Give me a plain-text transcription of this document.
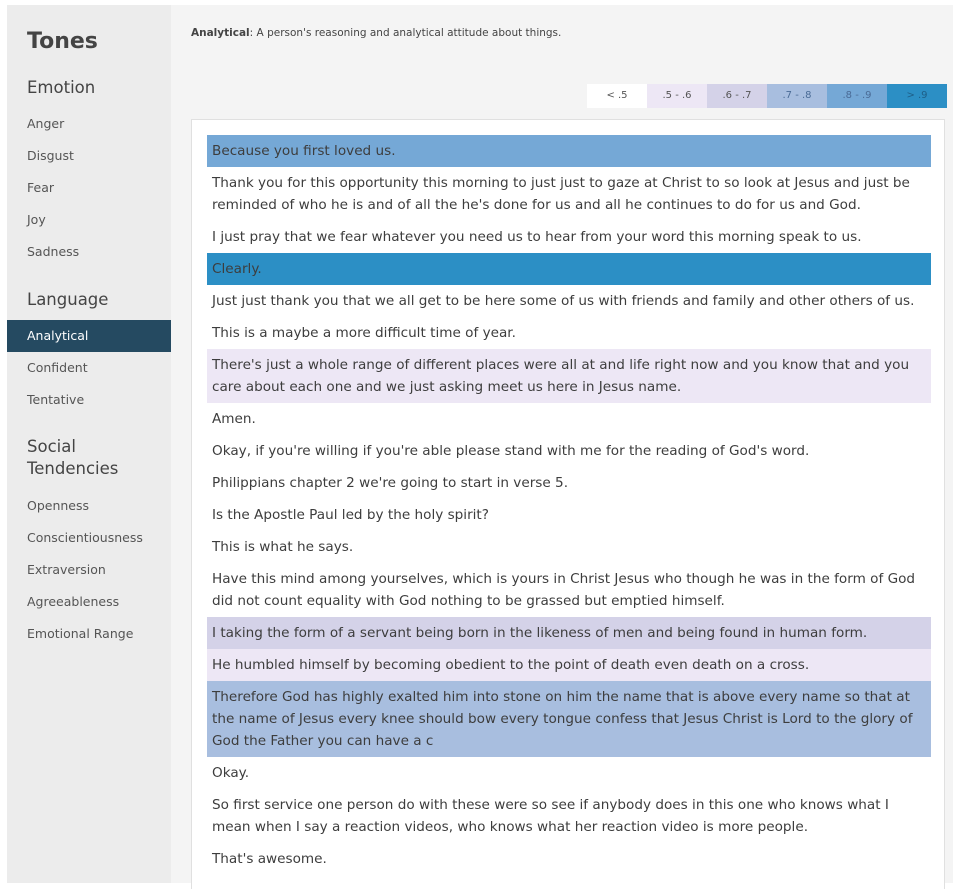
Tones
Emotion
Anger
Disgust
Fear
Joy
Sadness
Language
Analytical
Confident
Tentative
Social
Tendencies
Openness
Conscientiousness
Extraversion
Agreeableness
Emotional Range
Analytical: A person's reasoning and analytical attitude about things.
< .5	.5 - .6	.6 - .7	.7 - .8	.8 - .9	> .9
Because you first loved us.
Thank you for this opportunity this morning to just just to gaze at Christ to so look at Jesus and just be reminded of who he is and of all the he's done for us and all he continues to do for us and God.
I just pray that we fear whatever you need us to hear from your word this morning speak to us.
Clearly.
Just just thank you that we all get to be here some of us with friends and family and other others of us.
This is a maybe a more difficult time of year.
There's just a whole range of different places were all at and life right now and you know that and you care about each one and we just asking meet us here in Jesus name.
Amen.
Okay, if you're willing if you're able please stand with me for the reading of God's word.
Philippians chapter 2 we're going to start in verse 5.
Is the Apostle Paul led by the holy spirit?
This is what he says.
Have this mind among yourselves, which is yours in Christ Jesus who though he was in the form of God did not count equality with God nothing to be grassed but emptied himself.
I taking the form of a servant being born in the likeness of men and being found in human form.
He humbled himself by becoming obedient to the point of death even death on a cross.
Therefore God has highly exalted him into stone on him the name that is above every name so that at the name of Jesus every knee should bow every tongue confess that Jesus Christ is Lord to the glory of God the Father you can have a c
Okay.
So first service one person do with these were so see if anybody does in this one who knows what I mean when I say a reaction videos, who knows what her reaction video is more people.
That's awesome.
